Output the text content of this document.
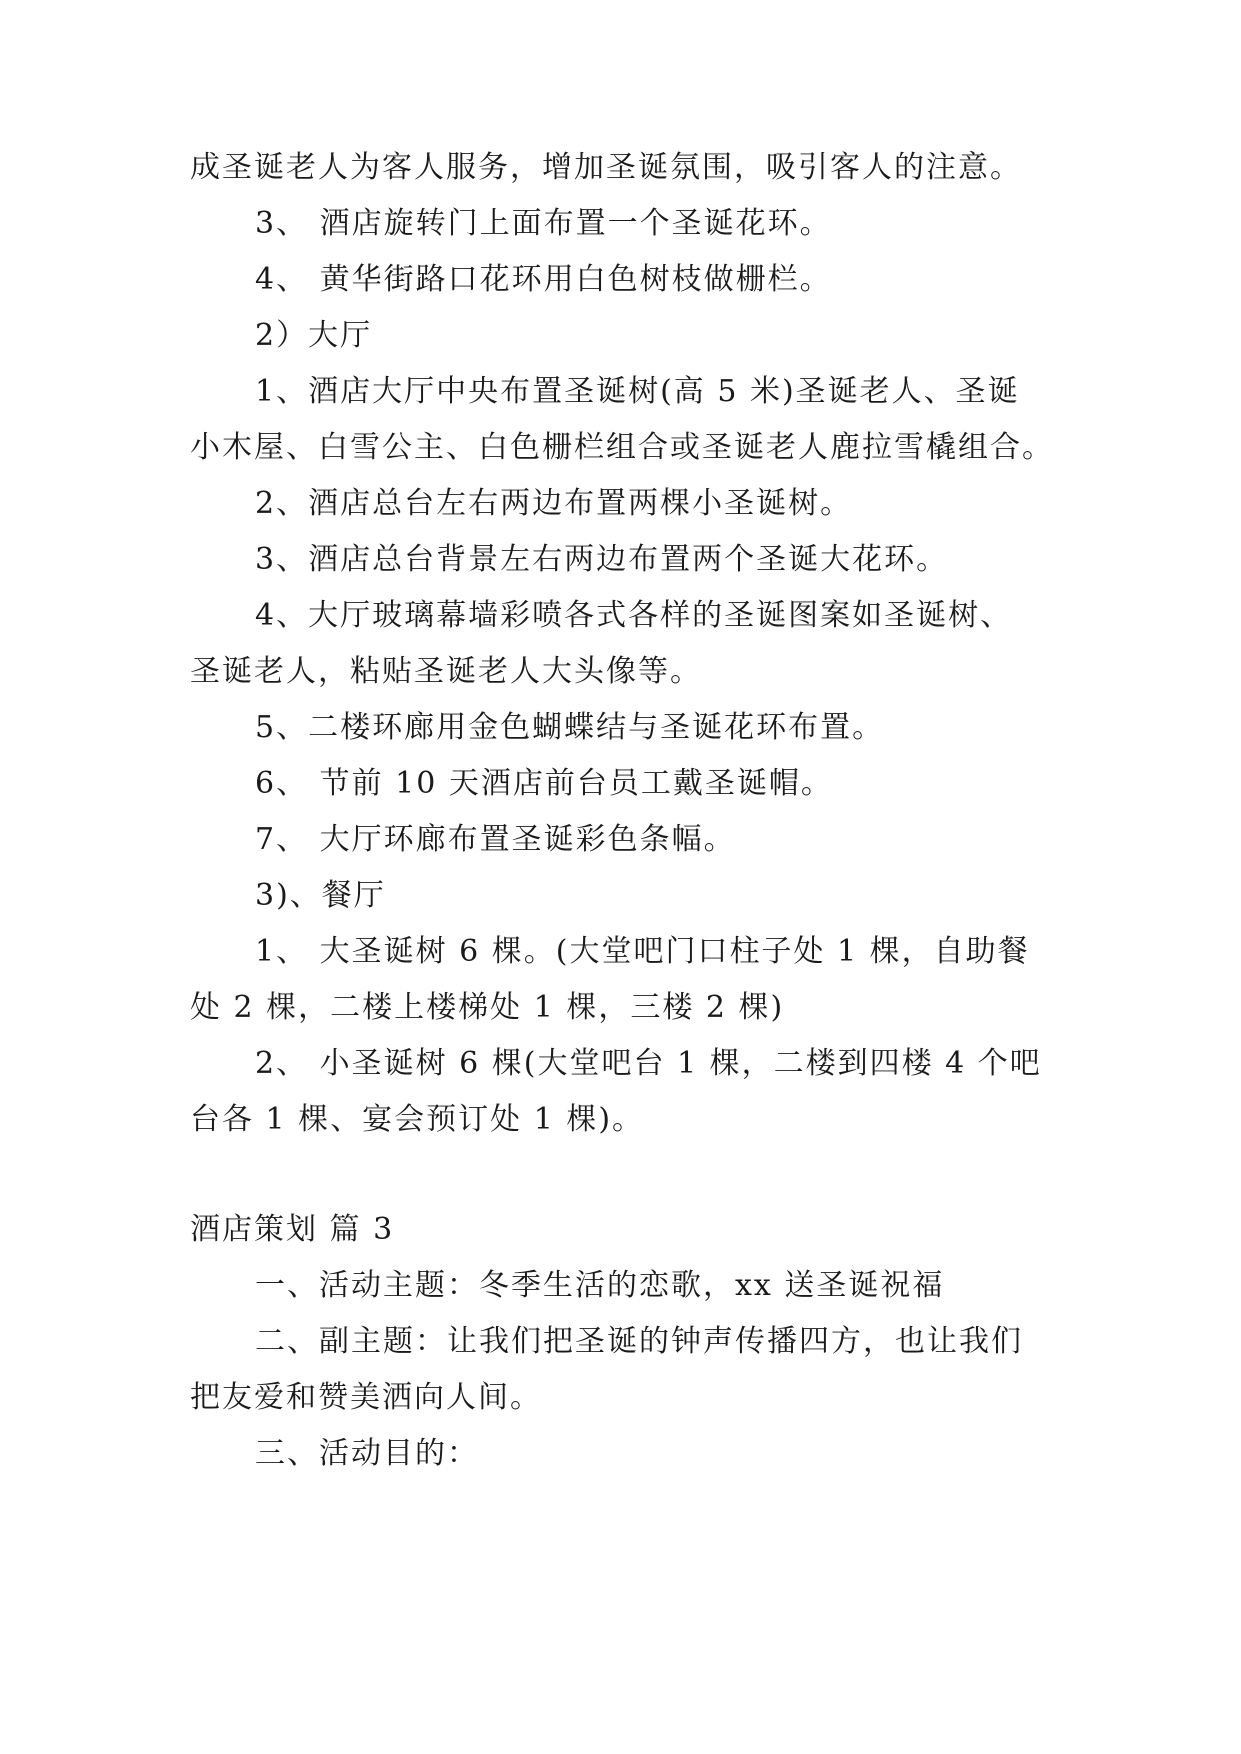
成圣诞老人为客人服务，增加圣诞氛围，吸引客人的注意。
3、 酒店旋转门上面布置一个圣诞花环。
4、 黄华街路口花环用白色树枝做栅栏。
2）大厅
1、酒店大厅中央布置圣诞树(高 5 米)圣诞老人、圣诞
小木屋、白雪公主、白色栅栏组合或圣诞老人鹿拉雪橇组合。
2、酒店总台左右两边布置两棵小圣诞树。
3、酒店总台背景左右两边布置两个圣诞大花环。
4、大厅玻璃幕墙彩喷各式各样的圣诞图案如圣诞树、
圣诞老人，粘贴圣诞老人大头像等。
5、二楼环廊用金色蝴蝶结与圣诞花环布置。
6、 节前 10 天酒店前台员工戴圣诞帽。
7、 大厅环廊布置圣诞彩色条幅。
3)、餐厅
1、 大圣诞树 6 棵。(大堂吧门口柱子处 1 棵，自助餐
处 2 棵，二楼上楼梯处 1 棵，三楼 2 棵)
2、 小圣诞树 6 棵(大堂吧台 1 棵，二楼到四楼 4 个吧
台各 1 棵、宴会预订处 1 棵)。
酒店策划 篇 3
一、活动主题：冬季生活的恋歌，xx 送圣诞祝福
二、副主题：让我们把圣诞的钟声传播四方，也让我们
把友爱和赞美洒向人间。
三、活动目的：
